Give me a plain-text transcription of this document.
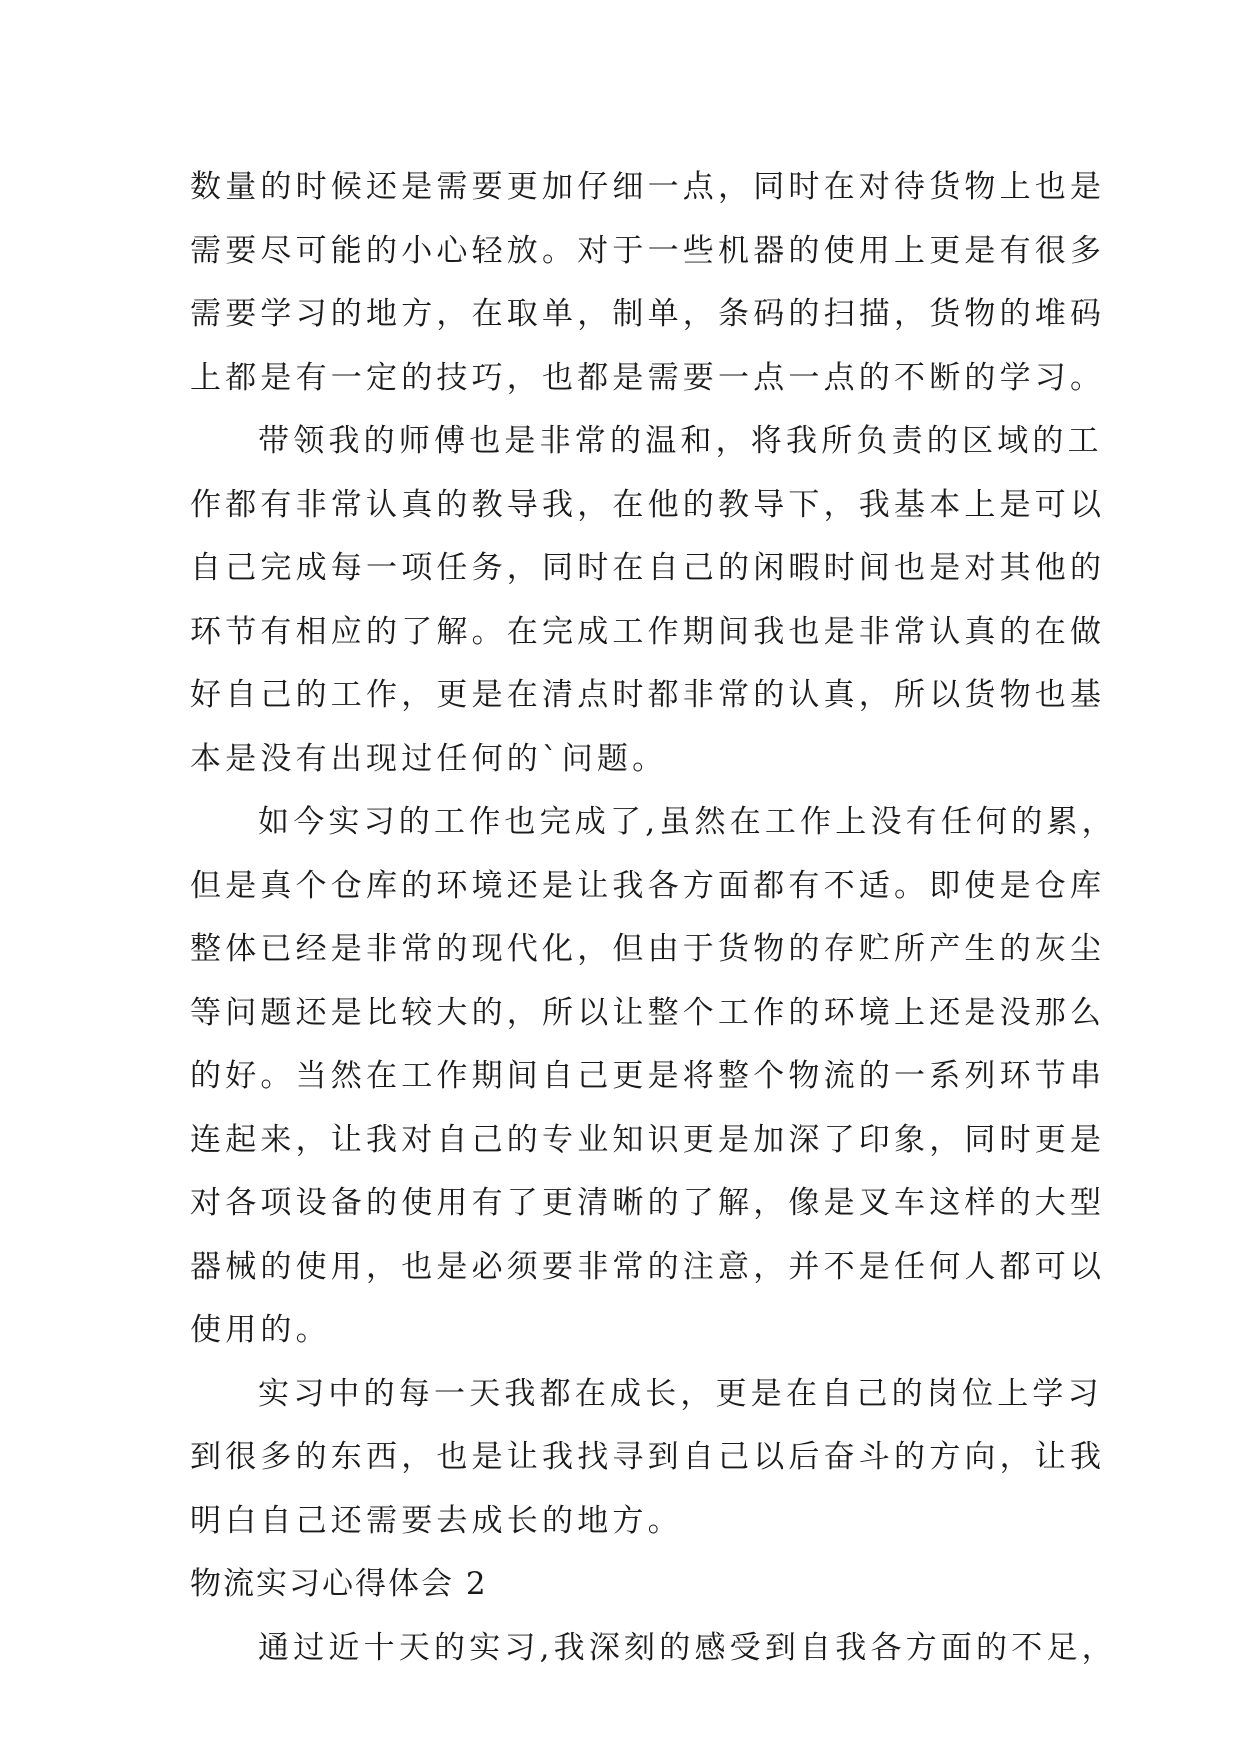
数量的时候还是需要更加仔细一点，同时在对待货物上也是
需要尽可能的小心轻放。对于一些机器的使用上更是有很多
需要学习的地方，在取单，制单，条码的扫描，货物的堆码
上都是有一定的技巧，也都是需要一点一点的不断的学习。
带领我的师傅也是非常的温和，将我所负责的区域的工
作都有非常认真的教导我，在他的教导下，我基本上是可以
自己完成每一项任务，同时在自己的闲暇时间也是对其他的
环节有相应的了解。在完成工作期间我也是非常认真的在做
好自己的工作，更是在清点时都非常的认真，所以货物也基
本是没有出现过任何的`问题。
如今实习的工作也完成了,虽然在工作上没有任何的累，
但是真个仓库的环境还是让我各方面都有不适。即使是仓库
整体已经是非常的现代化，但由于货物的存贮所产生的灰尘
等问题还是比较大的，所以让整个工作的环境上还是没那么
的好。当然在工作期间自己更是将整个物流的一系列环节串
连起来，让我对自己的专业知识更是加深了印象，同时更是
对各项设备的使用有了更清晰的了解，像是叉车这样的大型
器械的使用，也是必须要非常的注意，并不是任何人都可以
使用的。
实习中的每一天我都在成长，更是在自己的岗位上学习
到很多的东西，也是让我找寻到自己以后奋斗的方向，让我
明白自己还需要去成长的地方。
物流实习心得体会 2
通过近十天的实习,我深刻的感受到自我各方面的不足，
